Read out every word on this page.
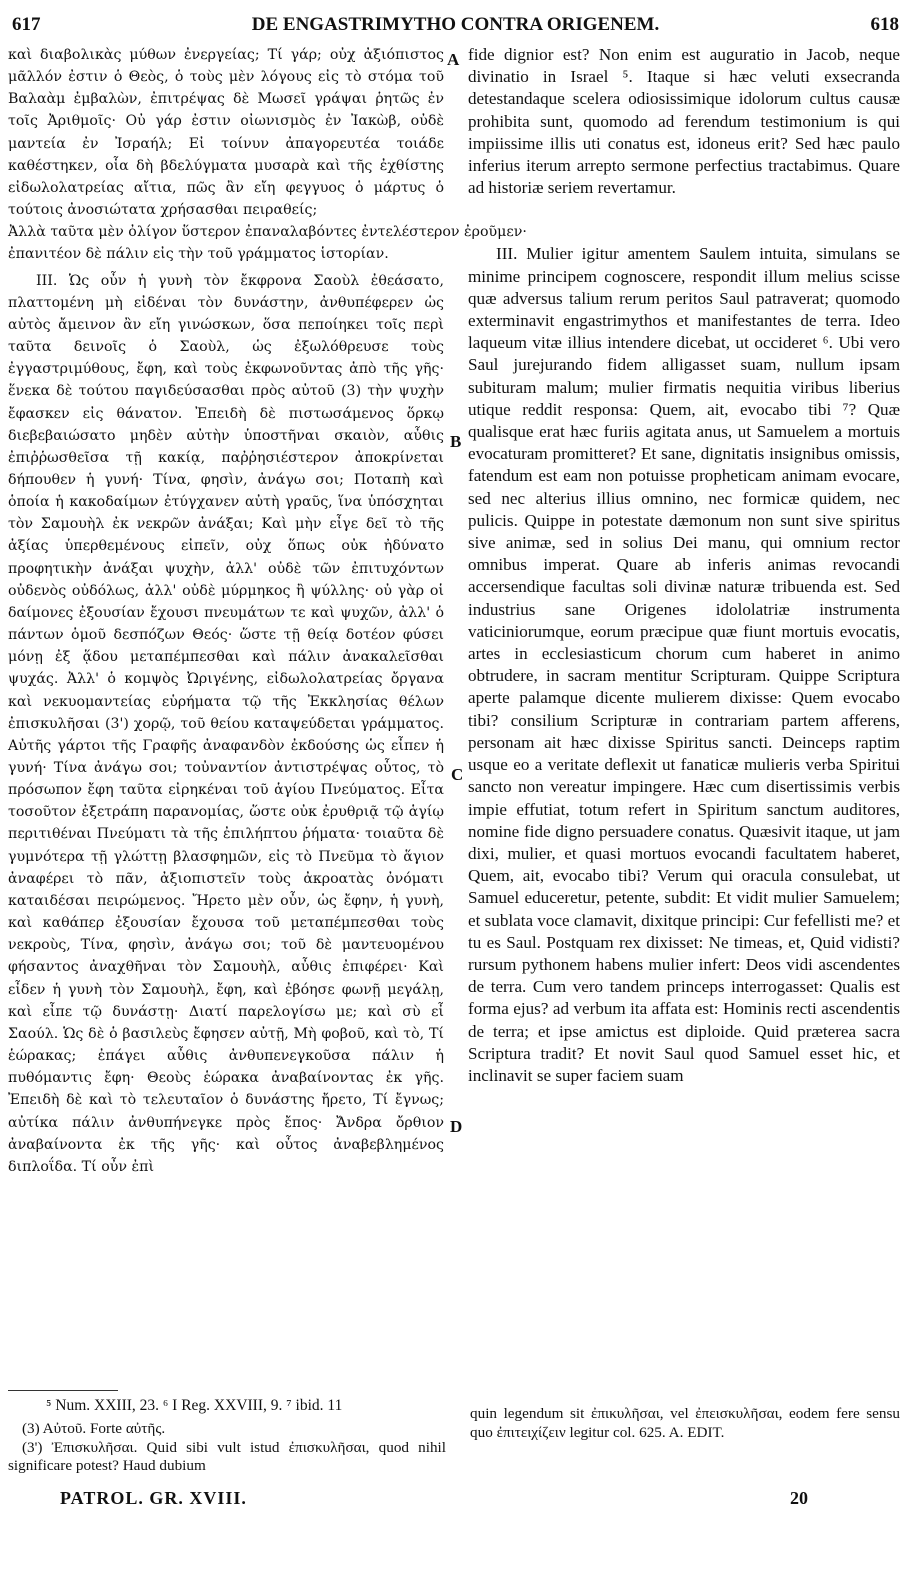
617	DE ENGASTRIMYTHO CONTRA ORIGENEM.	618

καὶ διαβολικὰς μύθων ἐνεργείας; Τί γάρ; οὐχ ἀξιόπιστος μᾶλλόν ἐστιν ὁ Θεὸς, ὁ τοὺς μὲν λόγους εἰς τὸ στόμα τοῦ Βαλαὰμ ἐμβαλὼν, ἐπιτρέψας δὲ Μωσεῖ γράψαι ῥητῶς ἐν τοῖς Ἀριθμοῖς· Οὐ γάρ ἐστιν οἰωνισμὸς ἐν Ἰακὼβ, οὐδὲ μαντεία ἐν Ἰσραήλ; Εἰ τοίνυν ἀπαγορευτέα τοιάδε καθέστηκεν, οἷα δὴ βδελύγματα μυσαρὰ καὶ τῆς ἐχθίστης εἰδωλολατρείας αἴτια, πῶς ἂν εἴη φεγγυος ὁ μάρτυς ὁ τούτοις ἀνοσιώτατα χρήσασθαι πειραθείς;

Ἀλλὰ ταῦτα μὲν ὀλίγον ὕστερον ἐπαναλαβόντες ἐντελέστερον ἐροῦμεν·
ἐπανιτέον δὲ πάλιν εἰς τὴν τοῦ γράμματος ἱστορίαν.

III. Ὡς οὖν ἡ γυνὴ τὸν ἔκφρονα Σαοὺλ ἐθεάσατο, πλαττομένη μὴ εἰδέναι τὸν δυνάστην, ἀνθυπέφερεν ὡς αὐτὸς ἄμεινον ἂν εἴη γινώσκων, ὅσα πεποίηκει τοῖς περὶ ταῦτα δεινοῖς ὁ Σαοὺλ, ὡς ἐξωλόθρευσε τοὺς ἐγγαστριμύθους, ἔφη, καὶ τοὺς ἐκφωνοῦντας ἀπὸ τῆς γῆς· ἕνεκα δὲ τούτου παγιδεύσασθαι πρὸς αὐτοῦ (3) τὴν ψυχὴν ἔφασκεν εἰς θάνατον. Ἐπειδὴ δὲ πιστωσάμενος ὅρκῳ διεβεβαιώσατο μηδὲν αὐτὴν ὑποστῆναι σκαιὸν, αὖθις ἐπιῤῥωσθεῖσα τῇ κακίᾳ, παῤῥησιέστερον ἀποκρίνεται δήπουθεν ἡ γυνή· Τίνα, φησὶν, ἀνάγω σοι; Ποταπὴ καὶ ὁποία ἡ κακοδαίμων ἐτύγχανεν αὐτὴ γραῦς, ἵνα ὑπόσχηται τὸν Σαμουὴλ ἐκ νεκρῶν ἀνάξαι; Καὶ μὴν εἶγε δεῖ τὸ τῆς ἀξίας ὑπερθεμένους εἰπεῖν, οὐχ ὅπως οὐκ ἠδύνατο προφητικὴν ἀνάξαι ψυχὴν, ἀλλ' οὐδὲ τῶν ἐπιτυχόντων οὐδενὸς οὐδόλως, ἀλλ' οὐδὲ μύρμηκος ἢ ψύλλης· οὐ γὰρ οἱ δαίμονες ἐξουσίαν ἔχουσι πνευμάτων τε καὶ ψυχῶν, ἀλλ' ὁ πάντων ὁμοῦ δεσπόζων Θεός· ὥστε τῇ θείᾳ δοτέον φύσει μόνῃ ἐξ ᾅδου μεταπέμπεσθαι καὶ πάλιν ἀνακαλεῖσθαι ψυχάς. Ἀλλ' ὁ κομψὸς Ὠριγένης, εἰδωλολατρείας ὄργανα καὶ νεκυομαντείας εὑρήματα τῷ τῆς Ἐκκλησίας θέλων ἐπισκυλῆσαι (3') χορῷ, τοῦ θείου καταψεύδεται γράμματος. Αὐτῆς γάρτοι τῆς Γραφῆς ἀναφανδὸν ἐκδούσης ὡς εἶπεν ἡ γυνή· Τίνα ἀνάγω σοι; τοὐναντίον ἀντιστρέψας οὗτος, τὸ πρόσωπον ἔφη ταῦτα εἰρηκέναι τοῦ ἁγίου Πνεύματος. Εἶτα τοσοῦτον ἐξετράπη παρανομίας, ὥστε οὐκ ἐρυθριᾷ τῷ ἁγίῳ περιτιθέναι Πνεύματι τὰ τῆς ἐπιλήπτου ῥήματα· τοιαῦτα δὲ γυμνότερα τῇ γλώττῃ βλασφημῶν, εἰς τὸ Πνεῦμα τὸ ἅγιον ἀναφέρει τὸ πᾶν, ἀξιοπιστεῖν τοὺς ἀκροατὰς ὀνόματι καταιδέσαι πειρώμενος. Ἤρετο μὲν οὖν, ὡς ἔφην, ἡ γυνὴ, καὶ καθάπερ ἐξουσίαν ἔχουσα τοῦ μεταπέμπεσθαι τοὺς νεκροὺς, Τίνα, φησὶν, ἀνάγω σοι; τοῦ δὲ μαντευομένου φήσαντος ἀναχθῆναι τὸν Σαμουὴλ, αὖθις ἐπιφέρει· Καὶ εἶδεν ἡ γυνὴ τὸν Σαμουὴλ, ἔφη, καὶ ἐβόησε φωνῇ μεγάλῃ, καὶ εἶπε τῷ δυνάστῃ· Διατί παρελογίσω με; καὶ σὺ εἶ Σαούλ. Ὡς δὲ ὁ βασιλεὺς ἔφησεν αὐτῇ, Μὴ φοβοῦ, καὶ τὸ, Τί ἑώρακας; ἐπάγει αὖθις ἀνθυπενεγκοῦσα πάλιν ἡ πυθόμαντις ἔφη· Θεοὺς ἑώρακα ἀναβαίνοντας ἐκ γῆς. Ἐπειδὴ δὲ καὶ τὸ τελευταῖον ὁ δυνάστης ἤρετο, Τί ἔγνως; αὐτίκα πάλιν ἀνθυπήνεγκε πρὸς ἔπος· Ἄνδρα ὄρθιον ἀναβαίνοντα ἐκ τῆς γῆς· καὶ οὗτος ἀναβεβλημένος διπλοΐδα. Τί οὖν ἐπὶ

fide dignior est? Non enim est auguratio in Jacob, neque divinatio in Israel ⁵. Itaque si hæc veluti exsecranda detestandaque scelera odiosissimique idolorum cultus causæ prohibita sunt, quomodo ad ferendum testimonium is qui impiissime illis uti conatus est, idoneus erit? Sed hæc paulo inferius iterum arrepto sermone perfectius tractabimus. Quare ad historiæ seriem revertamur.

III. Mulier igitur amentem Saulem intuita, simulans se minime principem cognoscere, respondit illum melius scisse quæ adversus talium rerum peritos Saul patraverat; quomodo exterminavit engastrimythos et manifestantes de terra. Ideo laqueum vitæ illius intendere dicebat, ut occideret ⁶. Ubi vero Saul jurejurando fidem alligasset suam, nullum ipsam subituram malum; mulier firmatis nequitia viribus liberius utique reddit responsa: Quem, ait, evocabo tibi ⁷? Quæ qualisque erat hæc furiis agitata anus, ut Samuelem a mortuis evocaturam promitteret? Et sane, dignitatis insignibus omissis, fatendum est eam non potuisse propheticam animam evocare, sed nec alterius illius omnino, nec formicæ quidem, nec pulicis. Quippe in potestate dæmonum non sunt sive spiritus sive animæ, sed in solius Dei manu, qui omnium rector omnibus imperat. Quare ab inferis animas revocandi accersendique facultas soli divinæ naturæ tribuenda est. Sed industrius sane Origenes idololatriæ instrumenta vaticiniorumque, eorum præcipue quæ fiunt mortuis evocatis, artes in ecclesiasticum chorum cum haberet in animo obtrudere, in sacram mentitur Scripturam. Quippe Scriptura aperte palamque dicente mulierem dixisse: Quem evocabo tibi? consilium Scripturæ in contrariam partem afferens, personam ait hæc dixisse Spiritus sancti. Deinceps raptim usque eo a veritate deflexit ut fanaticæ mulieris verba Spiritui sancto non vereatur impingere. Hæc cum disertissimis verbis impie effutiat, totum refert in Spiritum sanctum auditores, nomine fide digno persuadere conatus. Quæsivit itaque, ut jam dixi, mulier, et quasi mortuos evocandi facultatem haberet, Quem, ait, evocabo tibi? Verum qui oracula consulebat, ut Samuel educeretur, petente, subdit: Et vidit mulier Samuelem; et sublata voce clamavit, dixitque principi: Cur fefellisti me? et tu es Saul. Postquam rex dixisset: Ne timeas, et, Quid vidisti? rursum pythonem habens mulier infert: Deos vidi ascendentes de terra. Cum vero tandem princeps interrogasset: Qualis est forma ejus? ad verbum ita affata est: Hominis recti ascendentis de terra; et ipse amictus est diploide. Quid præterea sacra Scriptura tradit? Et novit Saul quod Samuel esset hic, et inclinavit se super faciem suam

A
B
C
D
⁵ Num. XXIII, 23. ⁶ I Reg. XXVIII, 9. ⁷ ibid. 11

(3) Αὐτοῦ. Forte αὐτῆς.

(3') Ἐπισκυλῆσαι. Quid sibi vult istud ἐπισκυλῆσαι, quod nihil significare potest? Haud dubium

quin legendum sit ἐπικυλῆσαι, vel ἐπεισκυλῆσαι, eodem fere sensu quo ἐπιτειχίζειν legitur col. 625. A. EDIT.

PATROL. GR. XVIII.	20
